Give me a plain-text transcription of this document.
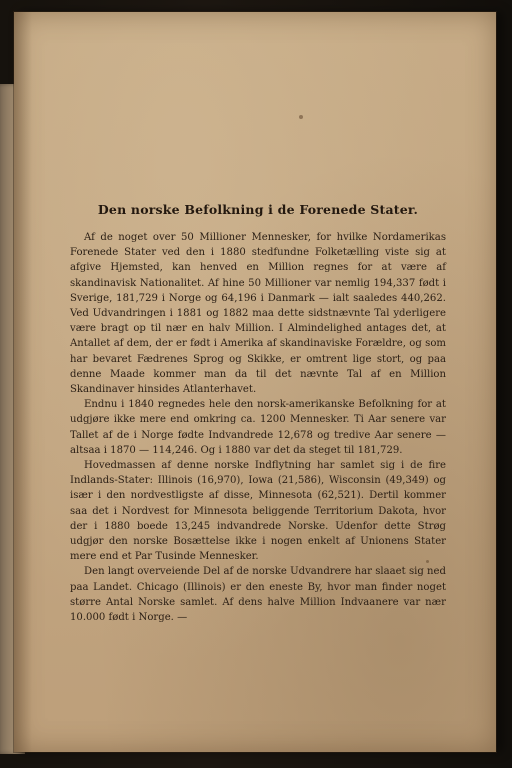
Den norske Befolkning i de Forenede Stater.

Af de noget over 50 Millioner Mennesker, for hvilke Nordamerikas Forenede Stater ved den i 1880 stedfundne Folketælling viste sig at afgive Hjemsted, kan henved en Million regnes for at være af skandinavisk Nationalitet. Af hine 50 Millioner var nemlig 194,337 født i Sverige, 181,729 i Norge og 64,196 i Danmark — ialt saaledes 440,262. Ved Udvandringen i 1881 og 1882 maa dette sidstnævnte Tal yderligere være bragt op til nær en halv Million. I Almindelighed antages det, at Antallet af dem, der er født i Amerika af skandinaviske Forældre, og som har bevaret Fædrenes Sprog og Skikke, er omtrent lige stort, og paa denne Maade kommer man da til det nævnte Tal af en Million Skandinaver hinsides Atlanterhavet.

Endnu i 1840 regnedes hele den norsk-amerikanske Befolkning for at udgjøre ikke mere end omkring ca. 1200 Mennesker. Ti Aar senere var Tallet af de i Norge fødte Indvandrede 12,678 og tredive Aar senere — altsaa i 1870 — 114,246. Og i 1880 var det da steget til 181,729.

Hovedmassen af denne norske Indflytning har samlet sig i de fire Indlands-Stater: Illinois (16,970), Iowa (21,586), Wisconsin (49,349) og især i den nordvestligste af disse, Minnesota (62,521). Dertil kommer saa det i Nordvest for Minnesota beliggende Territorium Dakota, hvor der i 1880 boede 13,245 indvandrede Norske. Udenfor dette Strøg udgjør den norske Bosættelse ikke i nogen enkelt af Unionens Stater mere end et Par Tusinde Mennesker.

Den langt overveiende Del af de norske Udvandrere har slaaet sig ned paa Landet. Chicago (Illinois) er den eneste By, hvor man finder noget større Antal Norske samlet. Af dens halve Million Indvaanere var nær 10.000 født i Norge. —
